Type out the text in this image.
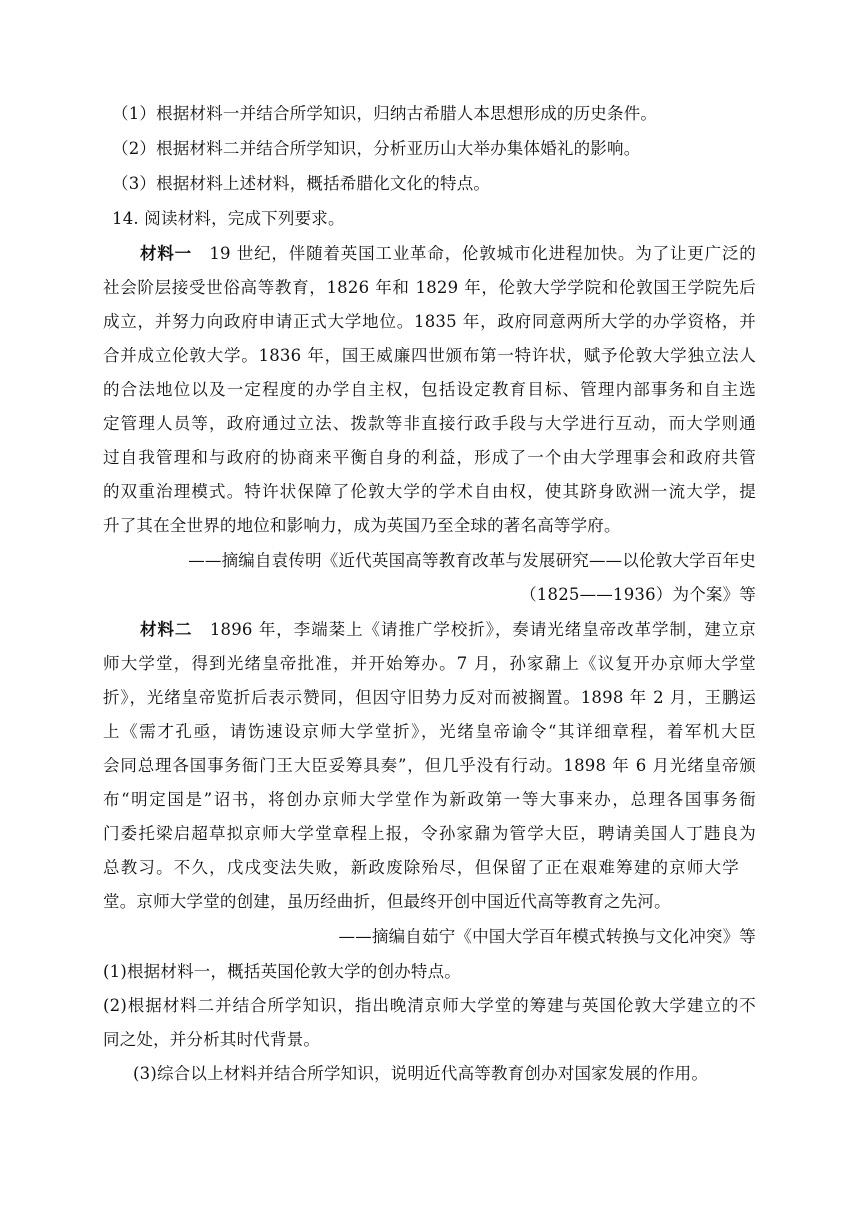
（1）根据材料一并结合所学知识，归纳古希腊人本思想形成的历史条件。
（2）根据材料二并结合所学知识，分析亚历山大举办集体婚礼的影响。
（3）根据材料上述材料，概括希腊化文化的特点。
14. 阅读材料，完成下列要求。
材料一　 19 世纪，伴随着英国工业革命，伦敦城市化进程加快。为了让更广泛的
社会阶层接受世俗高等教育，1826 年和 1829 年，伦敦大学学院和伦敦国王学院先后
成立，并努力向政府申请正式大学地位。1835 年，政府同意两所大学的办学资格，并
合并成立伦敦大学。1836 年，国王威廉四世颁布第一特许状，赋予伦敦大学独立法人
的合法地位以及一定程度的办学自主权，包括设定教育目标、管理内部事务和自主选
定管理人员等，政府通过立法、拨款等非直接行政手段与大学进行互动，而大学则通
过自我管理和与政府的协商来平衡自身的利益，形成了一个由大学理事会和政府共管
的双重治理模式。特许状保障了伦敦大学的学术自由权，使其跻身欧洲一流大学，提
升了其在全世界的地位和影响力，成为英国乃至全球的著名高等学府。
——摘编自袁传明《近代英国高等教育改革与发展研究——以伦敦大学百年史
（1825——1936）为个案》等
材料二　 1896 年，李端棻上《请推广学校折》，奏请光绪皇帝改革学制，建立京
师大学堂，得到光绪皇帝批准，并开始筹办。7 月，孙家鼐上《议复开办京师大学堂
折》，光绪皇帝览折后表示赞同，但因守旧势力反对而被搁置。1898 年 2 月，王鹏运
上《需才孔亟，请饬速设京师大学堂折》，光绪皇帝谕令“其详细章程，着军机大臣
会同总理各国事务衙门王大臣妥筹具奏”，但几乎没有行动。1898 年 6 月光绪皇帝颁
布“明定国是”诏书，将创办京师大学堂作为新政第一等大事来办，总理各国事务衙
门委托梁启超草拟京师大学堂章程上报，令孙家鼐为管学大臣，聘请美国人丁韪良为
总教习。不久，戊戌变法失败，新政废除殆尽，但保留了正在艰难筹建的京师大学
堂。京师大学堂的创建，虽历经曲折，但最终开创中国近代高等教育之先河。
——摘编自茹宁《中国大学百年模式转换与文化冲突》等
(1)根据材料一，概括英国伦敦大学的创办特点。
(2)根据材料二并结合所学知识，指出晚清京师大学堂的筹建与英国伦敦大学建立的不
同之处，并分析其时代背景。
(3)综合以上材料并结合所学知识，说明近代高等教育创办对国家发展的作用。
